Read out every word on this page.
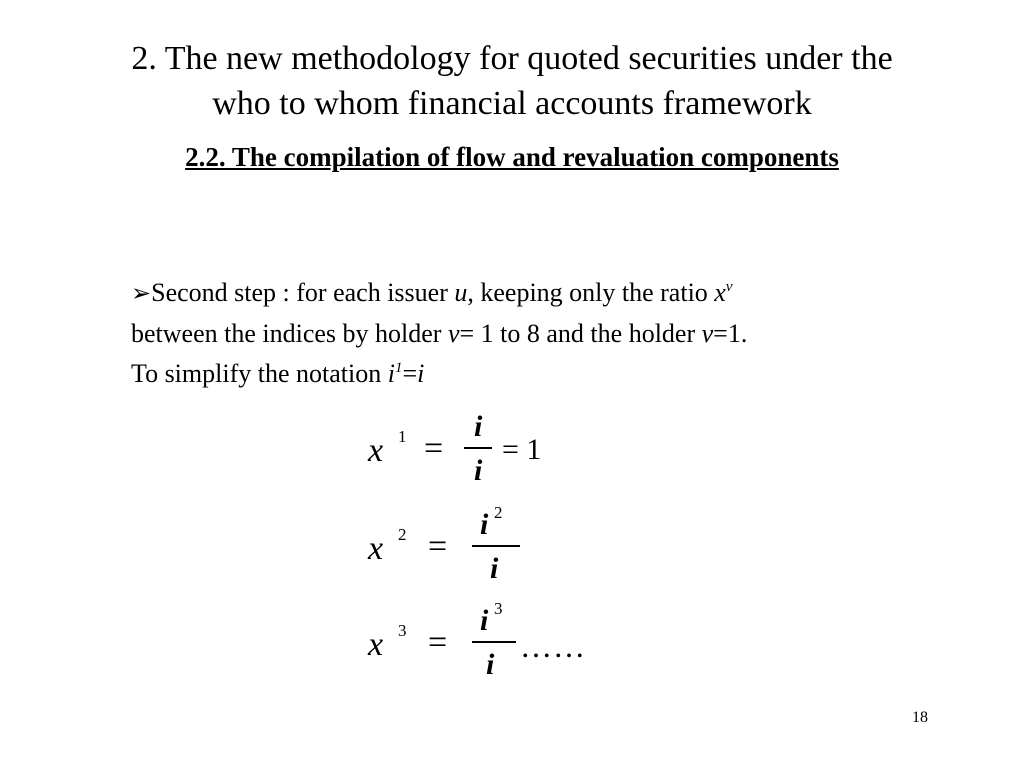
2. The new methodology for quoted securities under the
who to whom financial accounts framework
2.2. The compilation of flow and revaluation components
➢Second step : for each issuer u, keeping only the ratio $x^v$
between the indices by holder v= 1 to 8 and the holder v=1.
To simplify the notation $i^1=i$
x 1 =
i
i
= 1
x 2 =
i 2
i
x 3 =
i 3
i
……
18
